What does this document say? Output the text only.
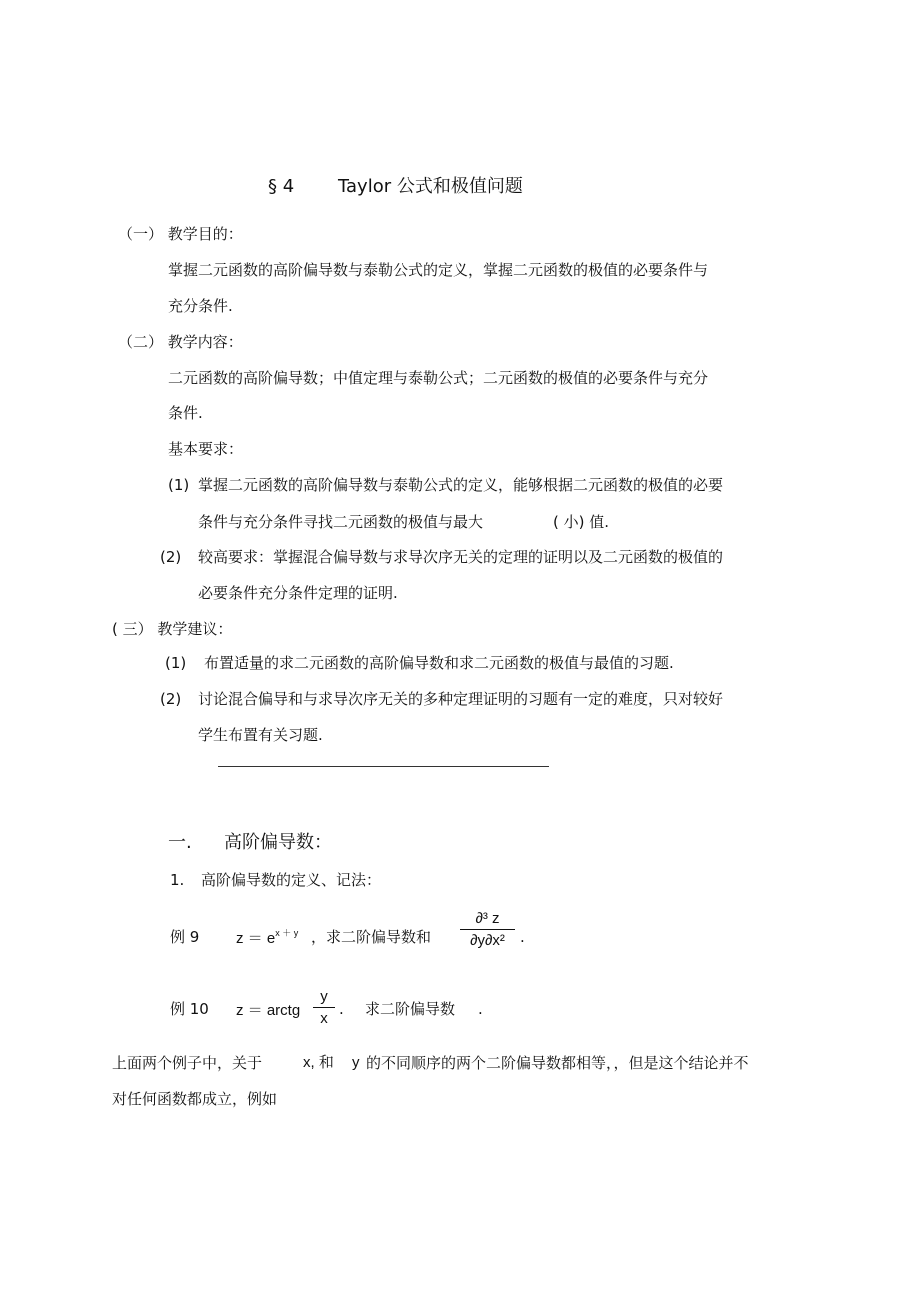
§ 4 Taylor 公式和极值问题
（一） 教学目的：
掌握二元函数的高阶偏导数与泰勒公式的定义，掌握二元函数的极值的必要条件与
充分条件.
（二） 教学内容：
二元函数的高阶偏导数；中值定理与泰勒公式；二元函数的极值的必要条件与充分
条件.
基本要求：
(1) 掌握二元函数的高阶偏导数与泰勒公式的定义，能够根据二元函数的极值的必要
条件与充分条件寻找二元函数的极值与最大	( 小) 值.
(2) 较高要求：掌握混合偏导数与求导次序无关的定理的证明以及二元函数的极值的
必要条件充分条件定理的证明.
( 三） 教学建议：
(1) 布置适量的求二元函数的高阶偏导数和求二元函数的极值与最值的习题.
(2) 讨论混合偏导和与求导次序无关的多种定理证明的习题有一定的难度，只对较好
学生布置有关习题.
一. 高阶偏导数：
1. 高阶偏导数的定义、记法：
例 9 $z = e^{x + y}$ ，求二阶偏导数和
∂³ z
∂y∂x²	.
例 10 z ＝ arctg
y
x
. 求二阶偏导数 .
上面两个例子中，关于	x, 和 y 的不同顺序的两个二阶偏导数都相等，，但是这个结论并不
对任何函数都成立，例如
